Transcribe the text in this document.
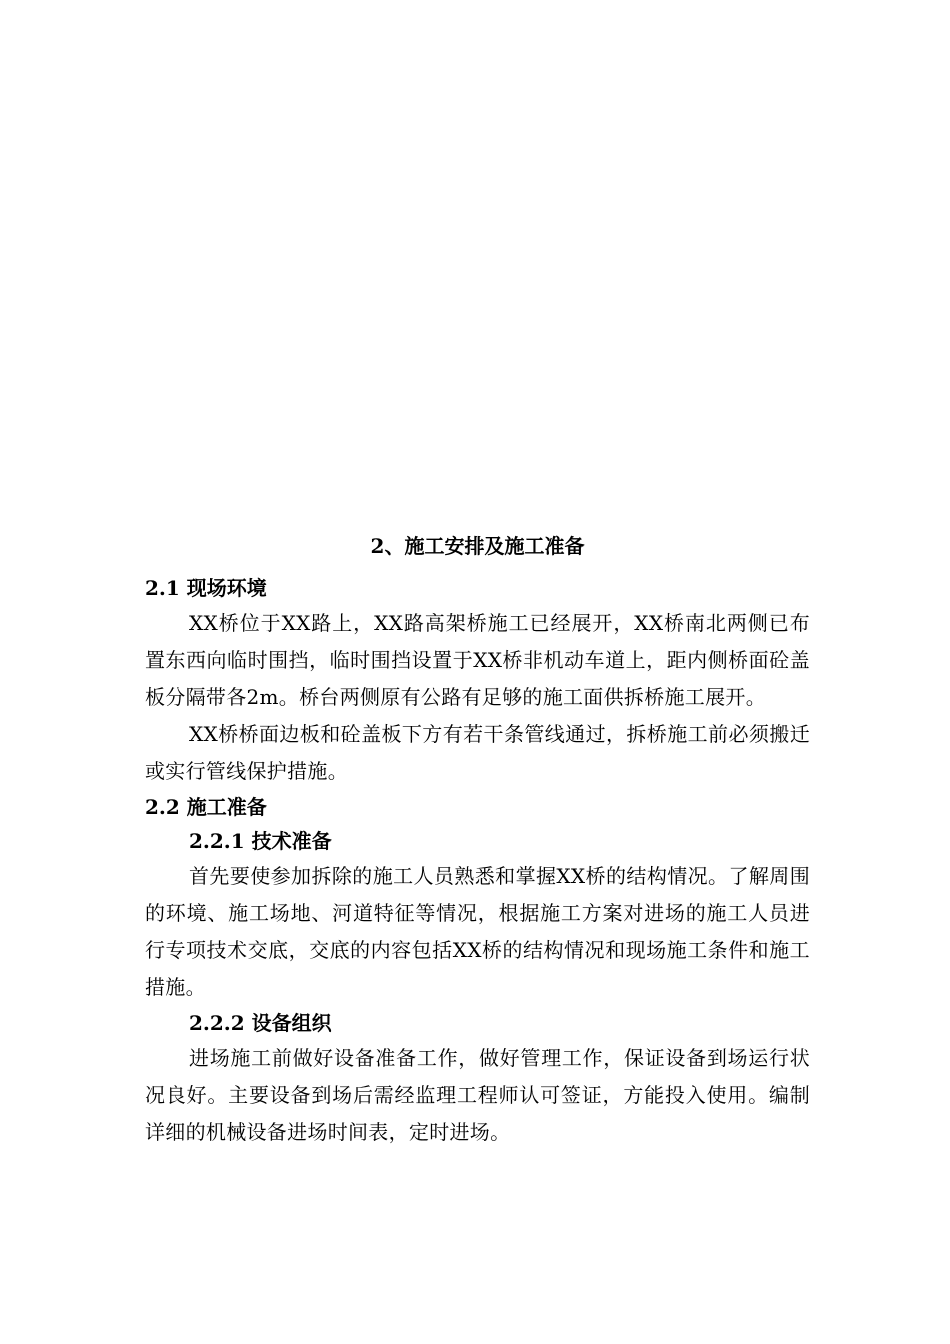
2、施工安排及施工准备
2.1 现场环境

XX桥位于XX路上，XX路高架桥施工已经展开，XX桥南北两侧已布置东西向临时围挡，临时围挡设置于XX桥非机动车道上，距内侧桥面砼盖板分隔带各2m。桥台两侧原有公路有足够的施工面供拆桥施工展开。

XX桥桥面边板和砼盖板下方有若干条管线通过，拆桥施工前必须搬迁或实行管线保护措施。

2.2 施工准备
2.2.1 技术准备

首先要使参加拆除的施工人员熟悉和掌握XX桥的结构情况。了解周围的环境、施工场地、河道特征等情况，根据施工方案对进场的施工人员进行专项技术交底，交底的内容包括XX桥的结构情况和现场施工条件和施工措施。

2.2.2 设备组织

进场施工前做好设备准备工作，做好管理工作，保证设备到场运行状况良好。主要设备到场后需经监理工程师认可签证，方能投入使用。编制详细的机械设备进场时间表，定时进场。
